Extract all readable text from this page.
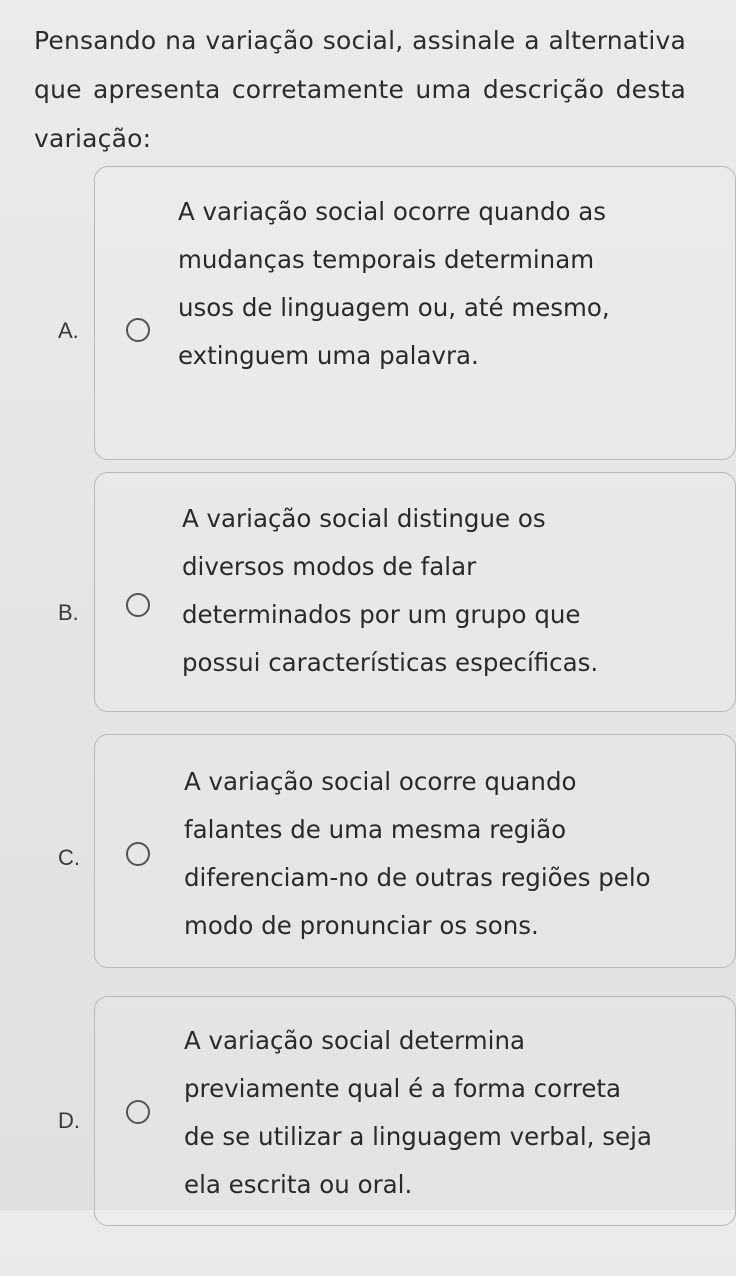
Pensando na variação social, assinale a alternativa que apresenta corretamente uma descrição desta variação:
A.
A variação social ocorre quando as mudanças temporais determinam usos de linguagem ou, até mesmo, extinguem uma palavra.
B.
A variação social distingue os diversos modos de falar determinados por um grupo que possui características específicas.
C.
A variação social ocorre quando falantes de uma mesma região diferenciam-no de outras regiões pelo modo de pronunciar os sons.
D.
A variação social determina previamente qual é a forma correta de se utilizar a linguagem verbal, seja ela escrita ou oral.
